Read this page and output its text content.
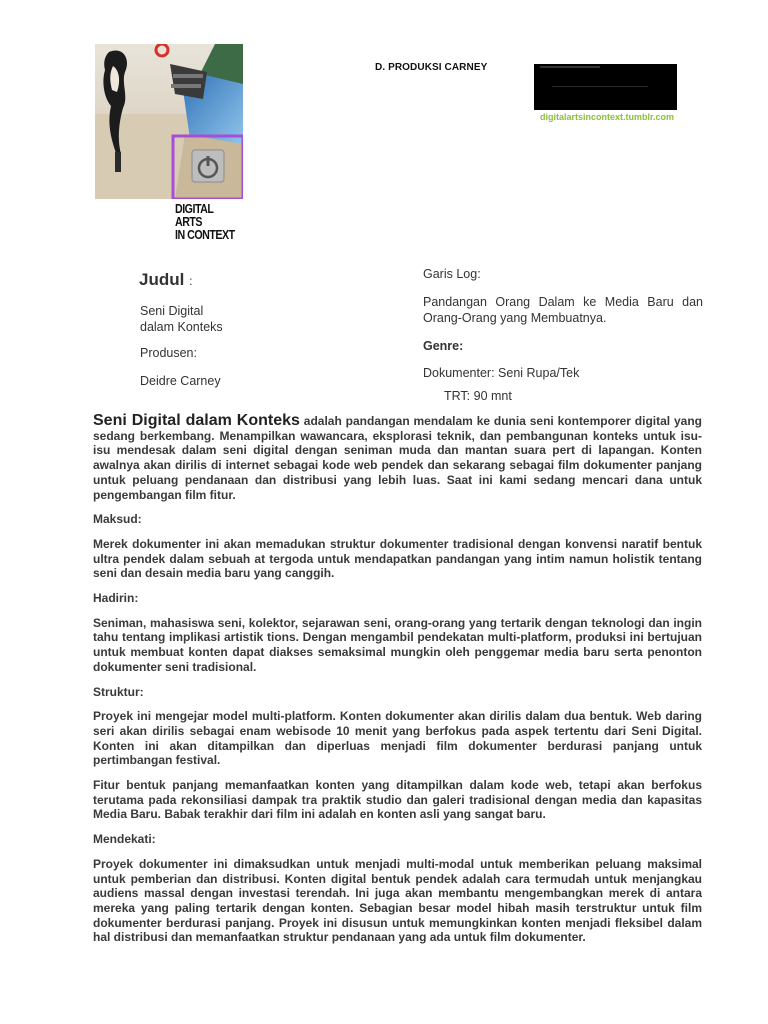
DIGITAL ARTS
IN CONTEXT
D. PRODUKSI CARNEY
digitalartsincontext.tumblr.com
Judul :
Seni Digital
dalam Konteks
Produsen:
Deidre Carney
Garis Log:
Pandangan Orang Dalam ke Media Baru dan Orang-Orang yang Membuatnya.
Genre:
Dokumenter: Seni Rupa/Tek
TRT: 90 mnt

Seni Digital dalam Konteks adalah pandangan mendalam ke dunia seni kontemporer digital yang sedang berkembang. Menampilkan wawancara, eksplorasi teknik, dan pembangunan konteks untuk isu-isu mendesak dalam seni digital dengan seniman muda dan mantan suara pert di lapangan. Konten awalnya akan dirilis di internet sebagai kode web pendek dan sekarang sebagai film dokumenter panjang untuk peluang pendanaan dan distribusi yang lebih luas. Saat ini kami sedang mencari dana untuk pengembangan film fitur.

Maksud:

Merek dokumenter ini akan memadukan struktur dokumenter tradisional dengan konvensi naratif bentuk ultra pendek dalam sebuah at tergoda untuk mendapatkan pandangan yang intim namun holistik tentang seni dan desain media baru yang canggih.

Hadirin:

Seniman, mahasiswa seni, kolektor, sejarawan seni, orang-orang yang tertarik dengan teknologi dan ingin tahu tentang implikasi artistik tions. Dengan mengambil pendekatan multi-platform, produksi ini bertujuan untuk membuat konten dapat diakses semaksimal mungkin oleh penggemar media baru serta penonton dokumenter seni tradisional.

Struktur:

Proyek ini mengejar model multi-platform. Konten dokumenter akan dirilis dalam dua bentuk. Web daring seri akan dirilis sebagai enam webisode 10 menit yang berfokus pada aspek tertentu dari Seni Digital. Konten ini akan ditampilkan dan diperluas menjadi film dokumenter berdurasi panjang untuk pertimbangan festival.

Fitur bentuk panjang memanfaatkan konten yang ditampilkan dalam kode web, tetapi akan berfokus terutama pada rekonsiliasi dampak tra praktik studio dan galeri tradisional dengan media dan kapasitas Media Baru. Babak terakhir dari film ini adalah en konten asli yang sangat baru.

Mendekati:

Proyek dokumenter ini dimaksudkan untuk menjadi multi-modal untuk memberikan peluang maksimal untuk pemberian dan distribusi. Konten digital bentuk pendek adalah cara termudah untuk menjangkau audiens massal dengan investasi terendah. Ini juga akan membantu mengembangkan merek di antara mereka yang paling tertarik dengan konten. Sebagian besar model hibah masih terstruktur untuk film dokumenter berdurasi panjang. Proyek ini disusun untuk memungkinkan konten menjadi fleksibel dalam hal distribusi dan memanfaatkan struktur pendanaan yang ada untuk film dokumenter.
